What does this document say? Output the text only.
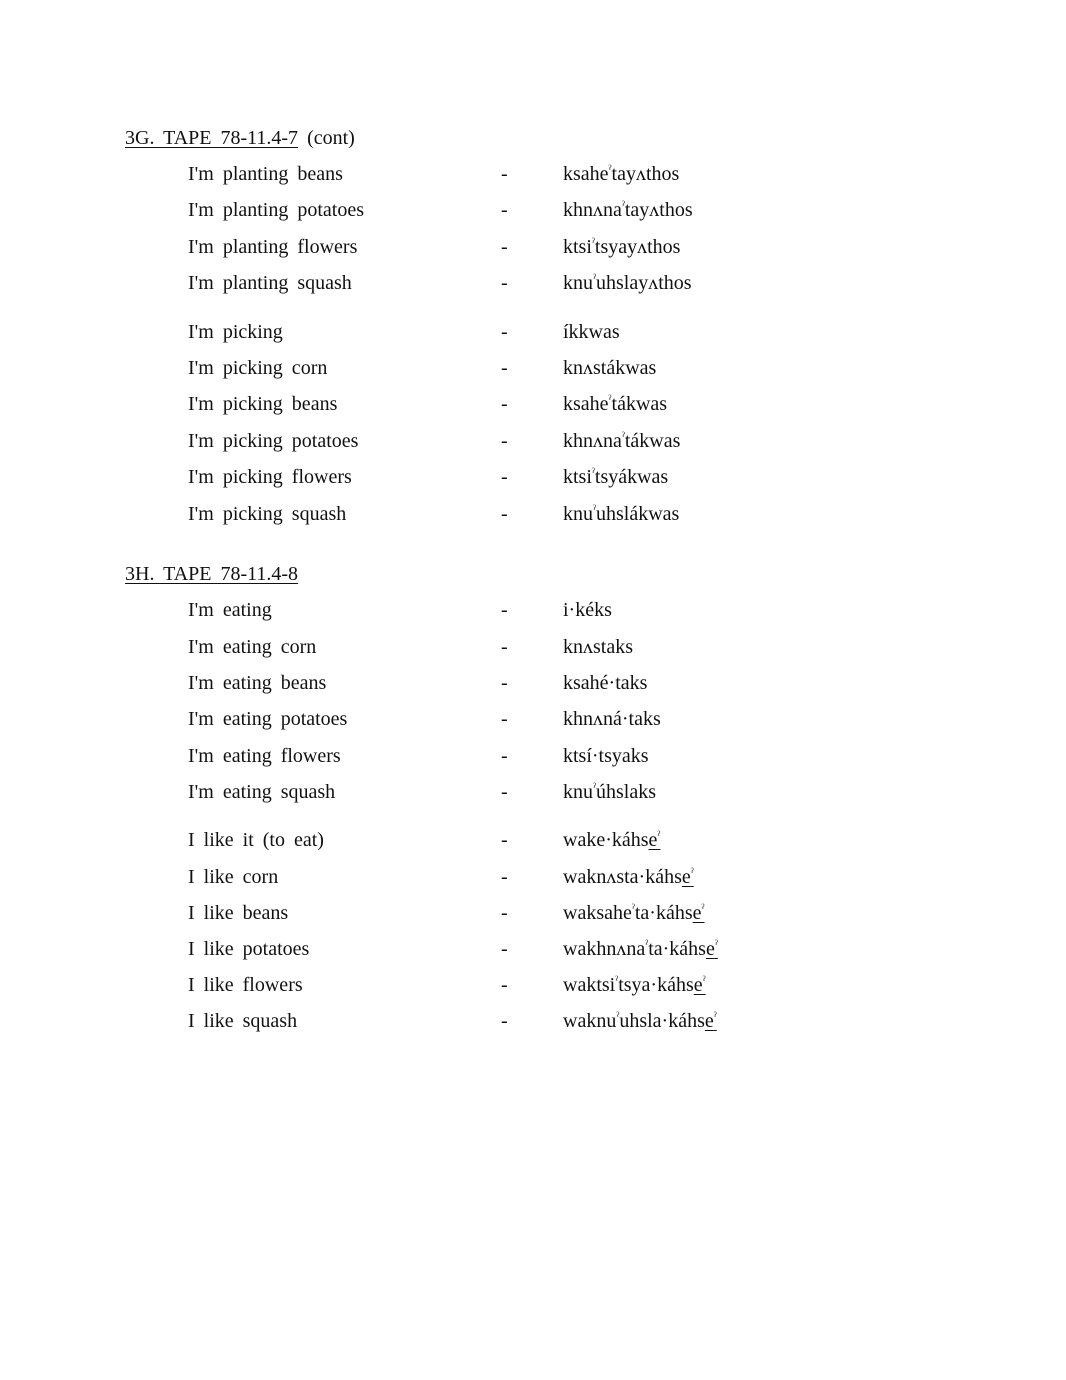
3G. TAPE 78-11.4-7 (cont)
I'm planting beans	-	ksahe$^ˀ$tayʌthos
I'm planting potatoes	-	khnʌna$^ˀ$tayʌthos
I'm planting flowers	-	ktsi$^ˀ$tsyayʌthos
I'm planting squash	-	knu$^ˀ$uhslayʌthos
I'm picking	-	íkkwas
I'm picking corn	-	knʌstákwas
I'm picking beans	-	ksahe$^ˀ$tákwas
I'm picking potatoes	-	khnʌna$^ˀ$tákwas
I'm picking flowers	-	ktsi$^ˀ$tsyákwas
I'm picking squash	-	knu$^ˀ$uhslákwas
3H. TAPE 78-11.4-8
I'm eating	-	i·kéks
I'm eating corn	-	knʌstaks
I'm eating beans	-	ksahé·taks
I'm eating potatoes	-	khnʌná·taks
I'm eating flowers	-	ktsí·tsyaks
I'm eating squash	-	knu$^ˀ$úhslaks
I like it (to eat)	-	wake·káhse$^ˀ$
I like corn	-	waknʌsta·káhse$^ˀ$
I like beans	-	waksahe$^ˀ$ta·káhse$^ˀ$
I like potatoes	-	wakhnʌna$^ˀ$ta·káhse$^ˀ$
I like flowers	-	waktsi$^ˀ$tsya·káhse$^ˀ$
I like squash	-	waknu$^ˀ$uhsla·káhse$^ˀ$
